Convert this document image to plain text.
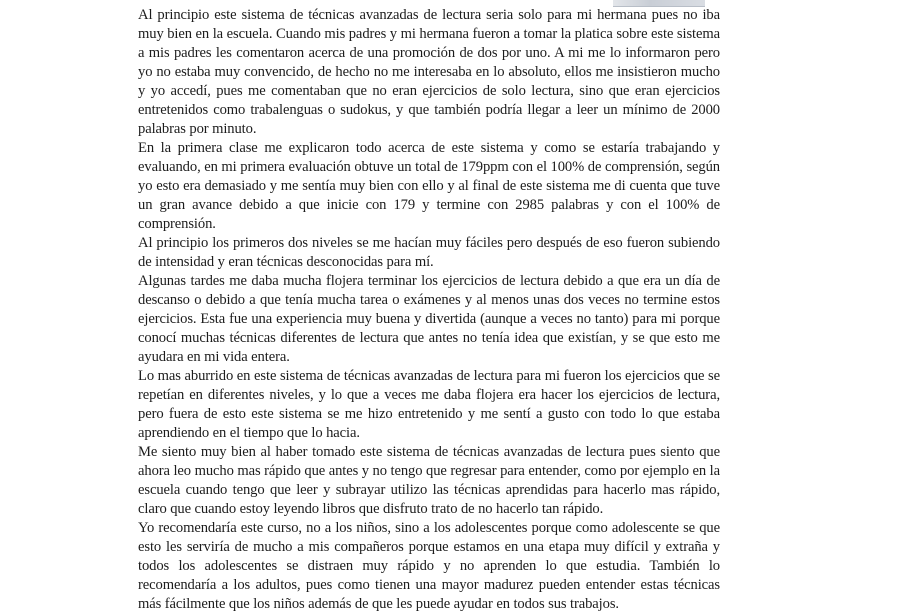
Al principio este sistema de técnicas avanzadas de lectura seria solo para mi hermana pues no iba muy bien en la escuela. Cuando mis padres y mi hermana fueron a tomar la platica sobre este sistema a mis padres les comentaron acerca de una promoción de dos por uno. A mi me lo informaron pero yo no estaba muy convencido, de hecho no me interesaba en lo absoluto, ellos me insistieron mucho y yo accedí, pues me comentaban que no eran ejercicios de solo lectura, sino que eran ejercicios entretenidos como trabalenguas o sudokus, y que también podría llegar a leer un mínimo de 2000 palabras por minuto.

En la primera clase me explicaron todo acerca de este sistema y como se estaría trabajando y evaluando, en mi primera evaluación obtuve un total de 179ppm con el 100% de comprensión, según yo esto era demasiado y me sentía muy bien con ello y al final de este sistema me di cuenta que tuve un gran avance debido a que inicie con 179 y termine con 2985 palabras y con el 100% de comprensión.

Al principio los primeros dos niveles se me hacían muy fáciles pero después de eso fueron subiendo de intensidad y eran técnicas desconocidas para mí.

Algunas tardes me daba mucha flojera terminar los ejercicios de lectura debido a que era un día de descanso o debido a que tenía mucha tarea o exámenes y al menos unas dos veces no termine estos ejercicios. Esta fue una experiencia muy buena y divertida (aunque a veces no tanto) para mi porque conocí muchas técnicas diferentes de lectura que antes no tenía idea que existían, y se que esto me ayudara en mi vida entera.

Lo mas aburrido en este sistema de técnicas avanzadas de lectura para mi fueron los ejercicios que se repetían en diferentes niveles, y lo que a veces me daba flojera era hacer los ejercicios de lectura, pero fuera de esto este sistema se me hizo entretenido y me sentí a gusto con todo lo que estaba aprendiendo en el tiempo que lo hacia.

Me siento muy bien al haber tomado este sistema de técnicas avanzadas de lectura pues siento que ahora leo mucho mas rápido que antes y no tengo que regresar para entender, como por ejemplo en la escuela cuando tengo que leer y subrayar utilizo las técnicas aprendidas para hacerlo mas rápido, claro que cuando estoy leyendo libros que disfruto trato de no hacerlo tan rápido.

Yo recomendaría este curso, no a los niños, sino a los adolescentes porque como adolescente se que esto les serviría de mucho a mis compañeros porque estamos en una etapa muy difícil y extraña y todos los adolescentes se distraen muy rápido y no aprenden lo que estudia. También lo recomendaría a los adultos, pues como tienen una mayor madurez pueden entender estas técnicas más fácilmente que los niños además de que les puede ayudar en todos sus trabajos.
